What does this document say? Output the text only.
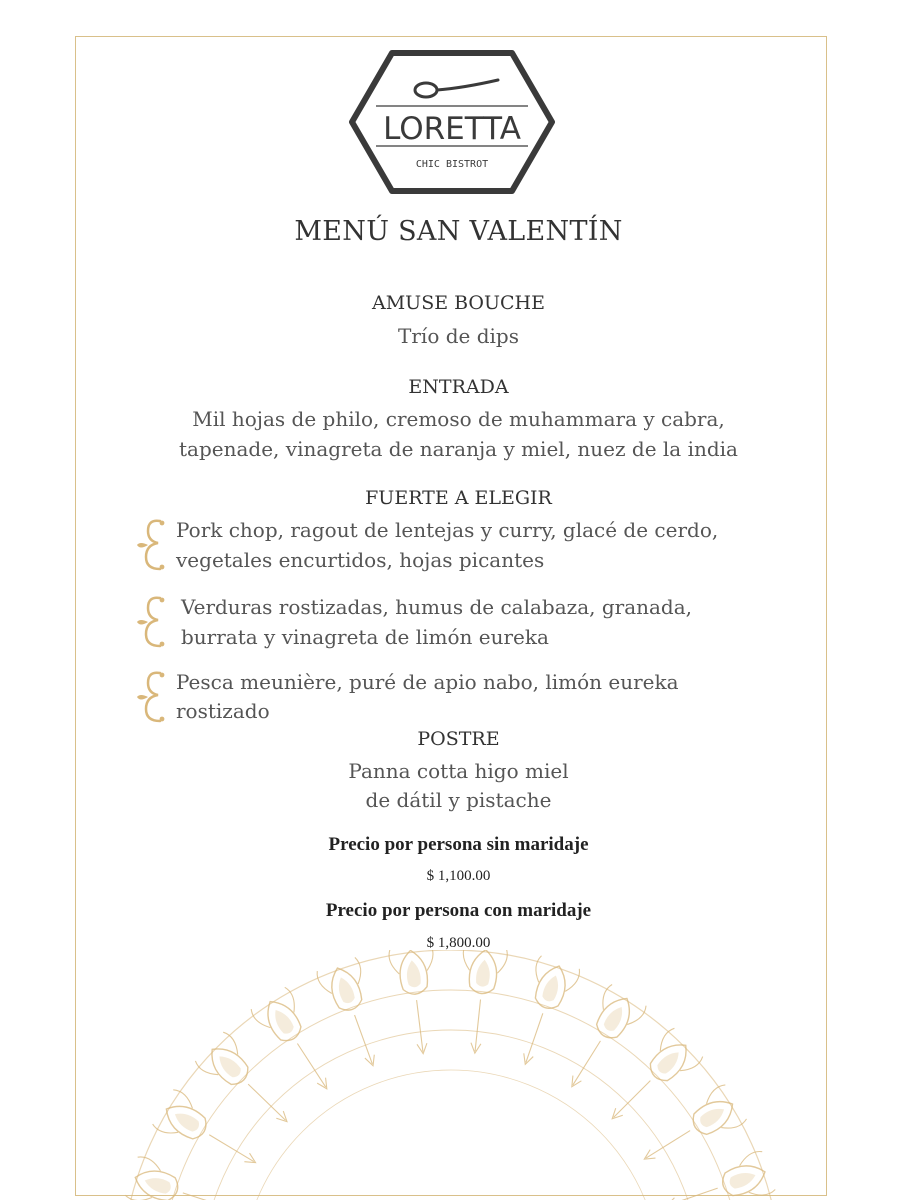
LORETTA
CHIC BISTROT
MENÚ SAN VALENTÍN
AMUSE BOUCHE
Trío de dips
ENTRADA
Mil hojas de philo, cremoso de muhammara y cabra,
tapenade, vinagreta de naranja y miel, nuez de la india
FUERTE A ELEGIR
Pork chop, ragout de lentejas y curry, glacé de cerdo,
vegetales encurtidos, hojas picantes
Verduras rostizadas, humus de calabaza, granada,
burrata y vinagreta de limón eureka
Pesca meunière, puré de apio nabo, limón eureka
rostizado
POSTRE
Panna cotta higo miel
de dátil y pistache
Precio por persona sin maridaje
$ 1,100.00
Precio por persona con maridaje
$ 1,800.00
